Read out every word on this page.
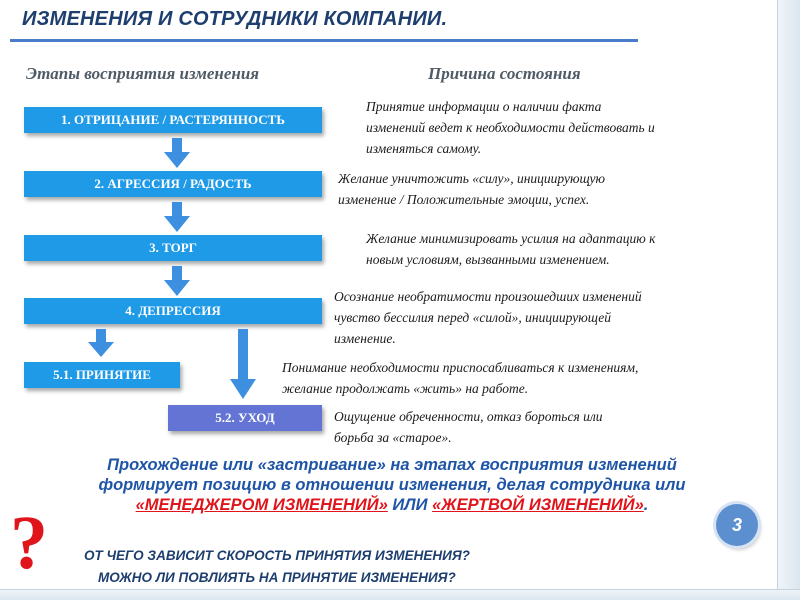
ИЗМЕНЕНИЯ И СОТРУДНИКИ КОМПАНИИ.
Этапы восприятия изменения	Причина состояния
1. ОТРИЦАНИЕ / РАСТЕРЯННОСТЬ
2. АГРЕССИЯ / РАДОСТЬ
3. ТОРГ
4. ДЕПРЕССИЯ
5.1. ПРИНЯТИЕ
5.2. УХОД
Принятие информации о наличии факта
изменений ведет к необходимости действовать и
изменяться самому.
Желание уничтожить «силу», инициирующую
изменение / Положительные эмоции, успех.
Желание минимизировать усилия на адаптацию к
новым условиям, вызванными изменением.
Осознание необратимости произошедших изменений
чувство бессилия перед «силой», инициирующей
изменение.
Понимание необходимости приспосабливаться к изменениям,
желание продолжать «жить» на работе.
Ощущение обреченности, отказ бороться или
борьба за «старое».
Прохождение или «застривание» на этапах восприятия изменений
формирует позицию в отношении изменения, делая сотрудника или
«МЕНЕДЖЕРОМ ИЗМЕНЕНИЙ» ИЛИ «ЖЕРТВОЙ ИЗМЕНЕНИЙ».
?	ОТ ЧЕГО ЗАВИСИТ СКОРОСТЬ ПРИНЯТИЯ ИЗМЕНЕНИЯ?
МОЖНО ЛИ ПОВЛИЯТЬ НА ПРИНЯТИЕ ИЗМЕНЕНИЯ?
3
